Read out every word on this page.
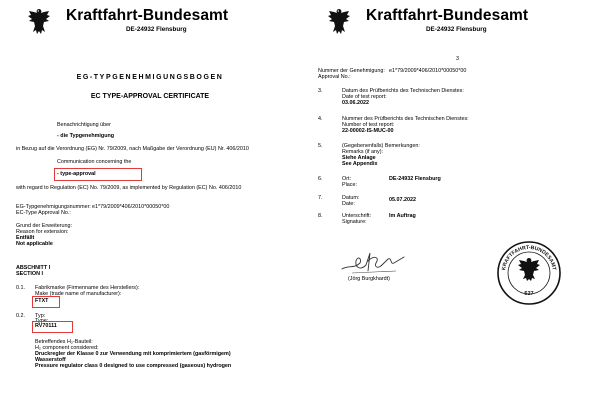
Kraftfahrt-Bundesamt
DE-24932 Flensburg
EG-TYPGENEHMIGUNGSBOGEN
EC TYPE-APPROVAL CERTIFICATE
Benachrichtigung über
- die Typgenehmigung
in Bezug auf die Verordnung (EG) Nr. 79/2009, nach Maßgabe der Verordnung (EU) Nr. 406/2010
Communication concerning the
- type-approval
with regard to Regulation (EC) No. 79/2009, as implemented by Regulation (EC) No. 406/2010
EG-Typgenehmigungsnummer: e1*79/2009*406/2010*00050*00
EC-Type Approval No.:
Grund der Erweiterung:
Reason for extension:
Entfällt
Not applicable
ABSCHNITT I
SECTION I
0.1. Fabrikmarke (Firmenname des Herstellers):
Make (trade name of manufacturer):
FTXT
0.2. Typ:
Type:
RV70111
Betreffendes H₂-Bauteil:
H₂ component considered:
Druckregler der Klasse 0 zur Verwendung mit komprimiertem (gasförmigem)
Wasserstoff
Pressure regulator class 0 designed to use compressed (gaseous) hydrogen
Kraftfahrt-Bundesamt
DE-24932 Flensburg
3
Nummer der Genehmigung: e1*79/2009*406/2010*00050*00
Approval No.:
3.	Datum des Prüfberichts des Technischen Dienstes:
Date of test report:
03.06.2022
4.	Nummer des Prüfberichts des Technischen Dienstes:
Number of test report:
22-00002-IS-MUC-00
5.	(Gegebenenfalls) Bemerkungen:
Remarks (if any):
Siehe Anlage
See Appendix
6.	Ort:
Place:
DE-24932 Flensburg
7.	Datum:
Date:
05.07.2022
8.	Unterschrift:
Signature:
Im Auftrag
(Jörg Burgkhardt)
KRAFTFAHRT-BUNDESAMT
527
